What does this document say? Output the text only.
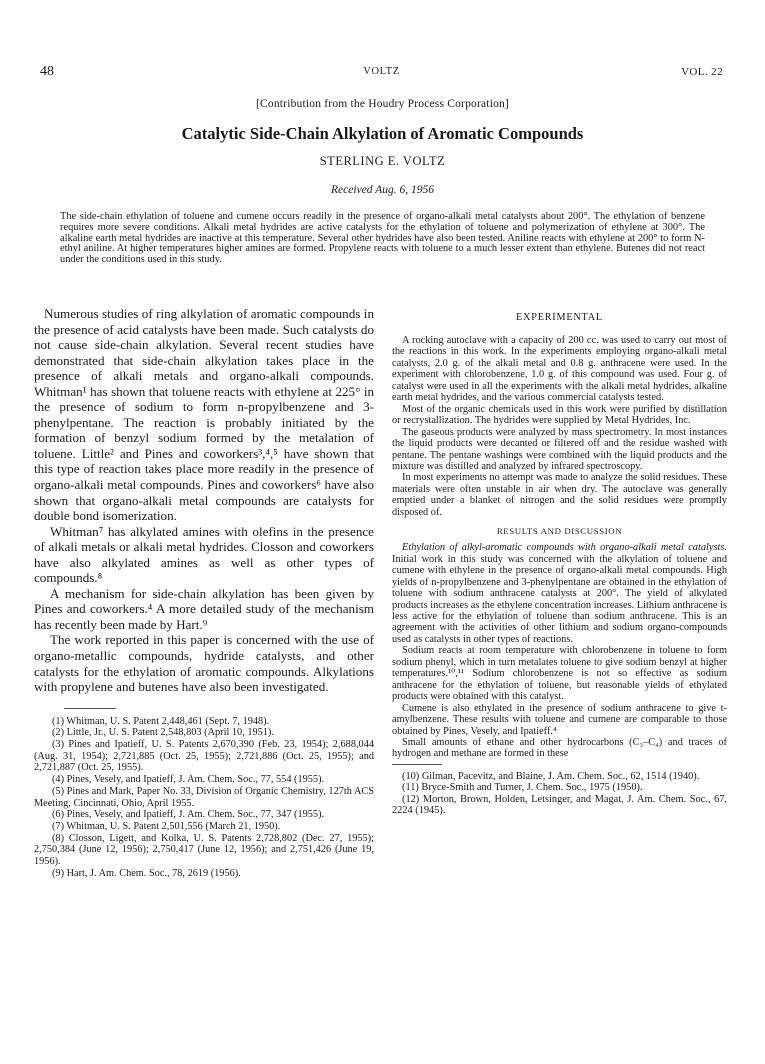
48	VOLTZ	VOL. 22
[Contribution from the Houdry Process Corporation]
Catalytic Side-Chain Alkylation of Aromatic Compounds
STERLING E. VOLTZ
Received Aug. 6, 1956
The side-chain ethylation of toluene and cumene occurs readily in the presence of organo-alkali metal catalysts about 200°. The ethylation of benzene requires more severe conditions. Alkali metal hydrides are active catalysts for the ethylation of toluene and polymerization of ethylene at 300°. The alkaline earth metal hydrides are inactive at this temperature. Several other hydrides have also been tested. Aniline reacts with ethylene at 200° to form N-ethyl aniline. At higher temperatures higher amines are formed. Propylene reacts with toluene to a much lesser extent than ethylene. Butenes did not react under the conditions used in this study.

Numerous studies of ring alkylation of aromatic compounds in the presence of acid catalysts have been made. Such catalysts do not cause side-chain alkylation. Several recent studies have demonstrated that side-chain alkylation takes place in the presence of alkali metals and organo-alkali compounds. Whitman¹ has shown that toluene reacts with ethylene at 225° in the presence of sodium to form n-propylbenzene and 3-phenylpentane. The reaction is probably initiated by the formation of benzyl sodium formed by the metalation of toluene. Little² and Pines and coworkers³,⁴,⁵ have shown that this type of reaction takes place more readily in the presence of organo-alkali metal compounds. Pines and coworkers⁶ have also shown that organo-alkali metal compounds are catalysts for double bond isomerization.

Whitman⁷ has alkylated amines with olefins in the presence of alkali metals or alkali metal hydrides. Closson and coworkers have also alkylated amines as well as other types of compounds.⁸

A mechanism for side-chain alkylation has been given by Pines and coworkers.⁴ A more detailed study of the mechanism has recently been made by Hart.⁹

The work reported in this paper is concerned with the use of organo-metallic compounds, hydride catalysts, and other catalysts for the ethylation of aromatic compounds. Alkylations with propylene and butenes have also been investigated.

(1) Whitman, U. S. Patent 2,448,461 (Sept. 7, 1948).

(2) Little, Jr., U. S. Patent 2,548,803 (April 10, 1951).

(3) Pines and Ipatieff, U. S. Patents 2,670,390 (Feb. 23, 1954); 2,688,044 (Aug. 31, 1954); 2,721,885 (Oct. 25, 1955); 2,721,886 (Oct. 25, 1955); and 2,721,887 (Oct. 25, 1955).

(4) Pines, Vesely, and Ipatieff, J. Am. Chem. Soc., 77, 554 (1955).

(5) Pines and Mark, Paper No. 33, Division of Organic Chemistry, 127th ACS Meeting, Cincinnati, Ohio, April 1955.

(6) Pines, Vesely, and Ipatieff, J. Am. Chem. Soc., 77, 347 (1955).

(7) Whitman, U. S. Patent 2,501,556 (March 21, 1950).

(8) Closson, Ligett, and Kolka, U. S. Patents 2,728,802 (Dec. 27, 1955); 2,750,384 (June 12, 1956); 2,750,417 (June 12, 1956); and 2,751,426 (June 19, 1956).

(9) Hart, J. Am. Chem. Soc., 78, 2619 (1956).

EXPERIMENTAL

A rocking autoclave with a capacity of 200 cc. was used to carry out most of the reactions in this work. In the experiments employing organo-alkali metal catalysts, 2.0 g. of the alkali metal and 0.8 g. anthracene were used. In the experiment with chlorobenzene, 1.0 g. of this compound was used. Four g. of catalyst were used in all the experiments with the alkali metal hydrides, alkaline earth metal hydrides, and the various commercial catalysts tested.

Most of the organic chemicals used in this work were purified by distillation or recrystallization. The hydrides were supplied by Metal Hydrides, Inc.

The gaseous products were analyzed by mass spectrometry. In most instances the liquid products were decanted or filtered off and the residue washed with pentane. The pentane washings were combined with the liquid products and the mixture was distilled and analyzed by infrared spectroscopy.

In most experiments no attempt was made to analyze the solid residues. These materials were often unstable in air when dry. The autoclave was generally emptied under a blanket of nitrogen and the solid residues were promptly disposed of.

RESULTS AND DISCUSSION

Ethylation of alkyl-aromatic compounds with organo-alkali metal catalysts. Initial work in this study was concerned with the alkylation of toluene and cumene with ethylene in the presence of organo-alkali metal compounds. High yields of n-propylbenzene and 3-phenylpentane are obtained in the ethylation of toluene with sodium anthracene catalysts at 200°. The yield of alkylated products increases as the ethylene concentration increases. Lithium anthracene is less active for the ethylation of toluene than sodium anthracene. This is an agreement with the activities of other lithium and sodium organo-compounds used as catalysts in other types of reactions.

Sodium reacts at room temperature with chlorobenzene in toluene to form sodium phenyl, which in turn metalates toluene to give sodium benzyl at higher temperatures.¹⁰,¹¹ Sodium chlorobenzene is not so effective as sodium anthracene for the ethylation of toluene, but reasonable yields of ethylated products were obtained with this catalyst.

Cumene is also ethylated in the presence of sodium anthracene to give t-amylbenzene. These results with toluene and cumene are comparable to those obtained by Pines, Vesely, and Ipatieff.⁴

Small amounts of ethane and other hydrocarbons (C₃–C₄) and traces of hydrogen and methane are formed in these

(10) Gilman, Pacevitz, and Blaine, J. Am. Chem. Soc., 62, 1514 (1940).

(11) Bryce-Smith and Turner, J. Chem. Soc., 1975 (1950).

(12) Morton, Brown, Holden, Letsinger, and Magat, J. Am. Chem. Soc., 67, 2224 (1945).
